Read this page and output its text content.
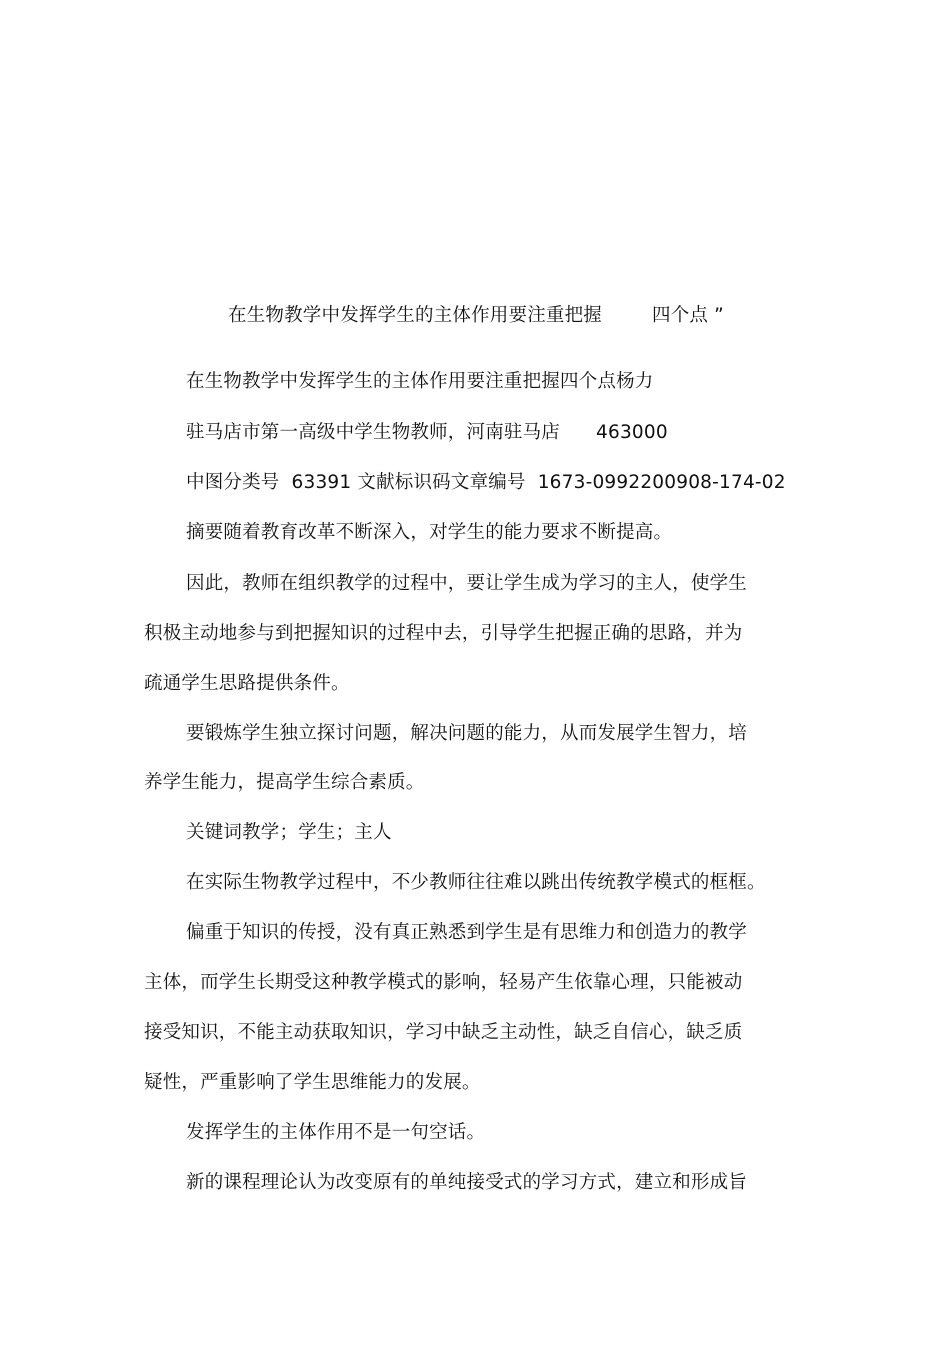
在生物教学中发挥学生的主体作用要注重把握	四个点 ”
在生物教学中发挥学生的主体作用要注重把握四个点杨力
驻马店市第一高级中学生物教师，河南驻马店 463000
中图分类号 63391 文献标识码文章编号 1673-0992200908-174-02
摘要随着教育改革不断深入，对学生的能力要求不断提高。
因此，教师在组织教学的过程中，要让学生成为学习的主人，使学生
积极主动地参与到把握知识的过程中去，引导学生把握正确的思路，并为
疏通学生思路提供条件。
要锻炼学生独立探讨问题，解决问题的能力，从而发展学生智力，培
养学生能力，提高学生综合素质。
关键词教学；学生；主人
在实际生物教学过程中，不少教师往往难以跳出传统教学模式的框框。
偏重于知识的传授，没有真正熟悉到学生是有思维力和创造力的教学
主体，而学生长期受这种教学模式的影响，轻易产生依靠心理，只能被动
接受知识，不能主动获取知识，学习中缺乏主动性，缺乏自信心，缺乏质
疑性，严重影响了学生思维能力的发展。
发挥学生的主体作用不是一句空话。
新的课程理论认为改变原有的单纯接受式的学习方式，建立和形成旨
